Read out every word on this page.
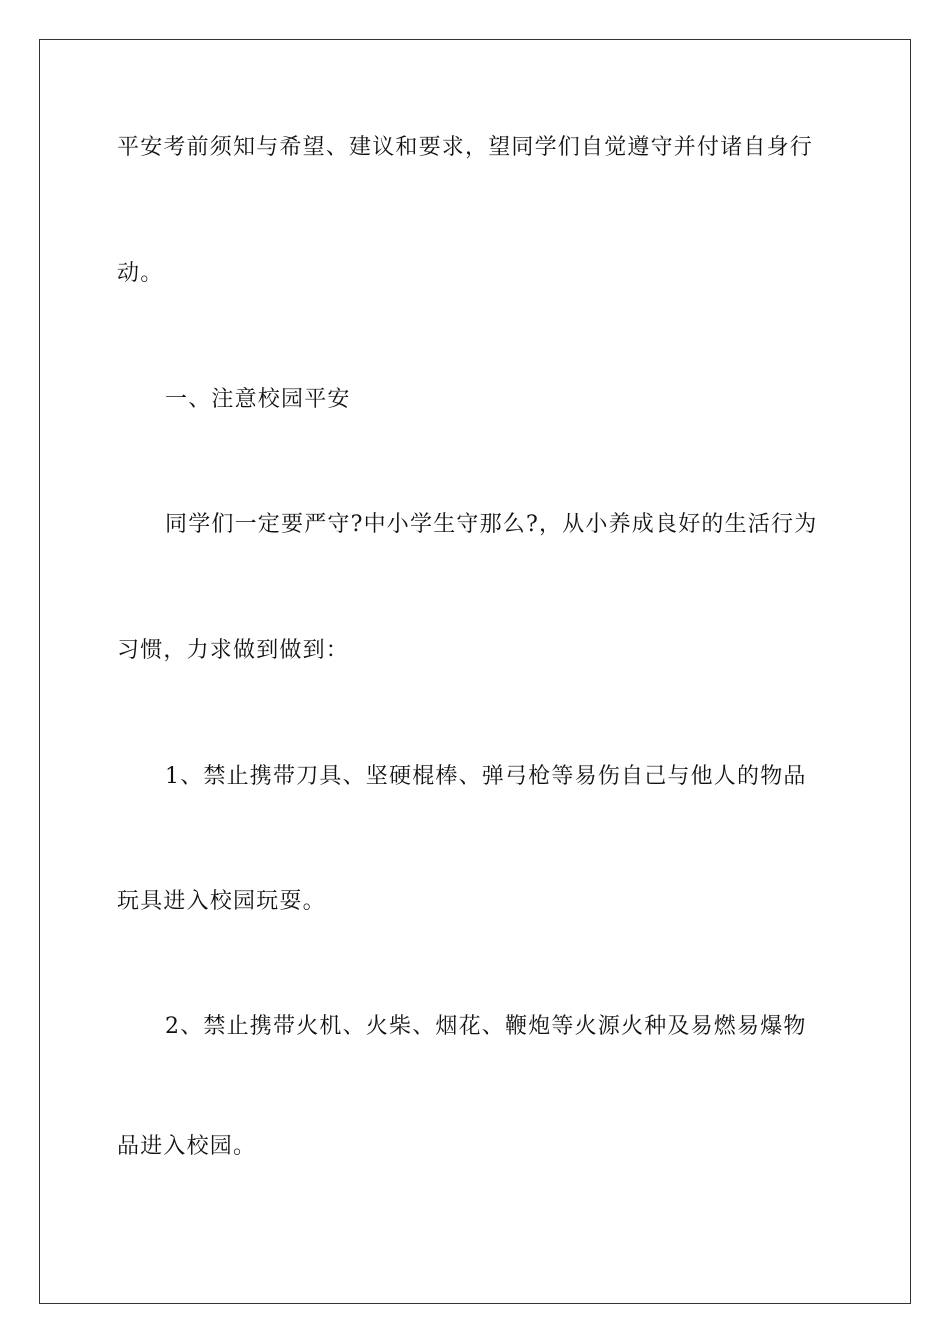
平安考前须知与希望、建议和要求，望同学们自觉遵守并付诸自身行
动。
一、注意校园平安
同学们一定要严守?中小学生守那么?，从小养成良好的生活行为
习惯，力求做到做到：
1、禁止携带刀具、坚硬棍棒、弹弓枪等易伤自己与他人的物品
玩具进入校园玩耍。
2、禁止携带火机、火柴、烟花、鞭炮等火源火种及易燃易爆物
品进入校园。
